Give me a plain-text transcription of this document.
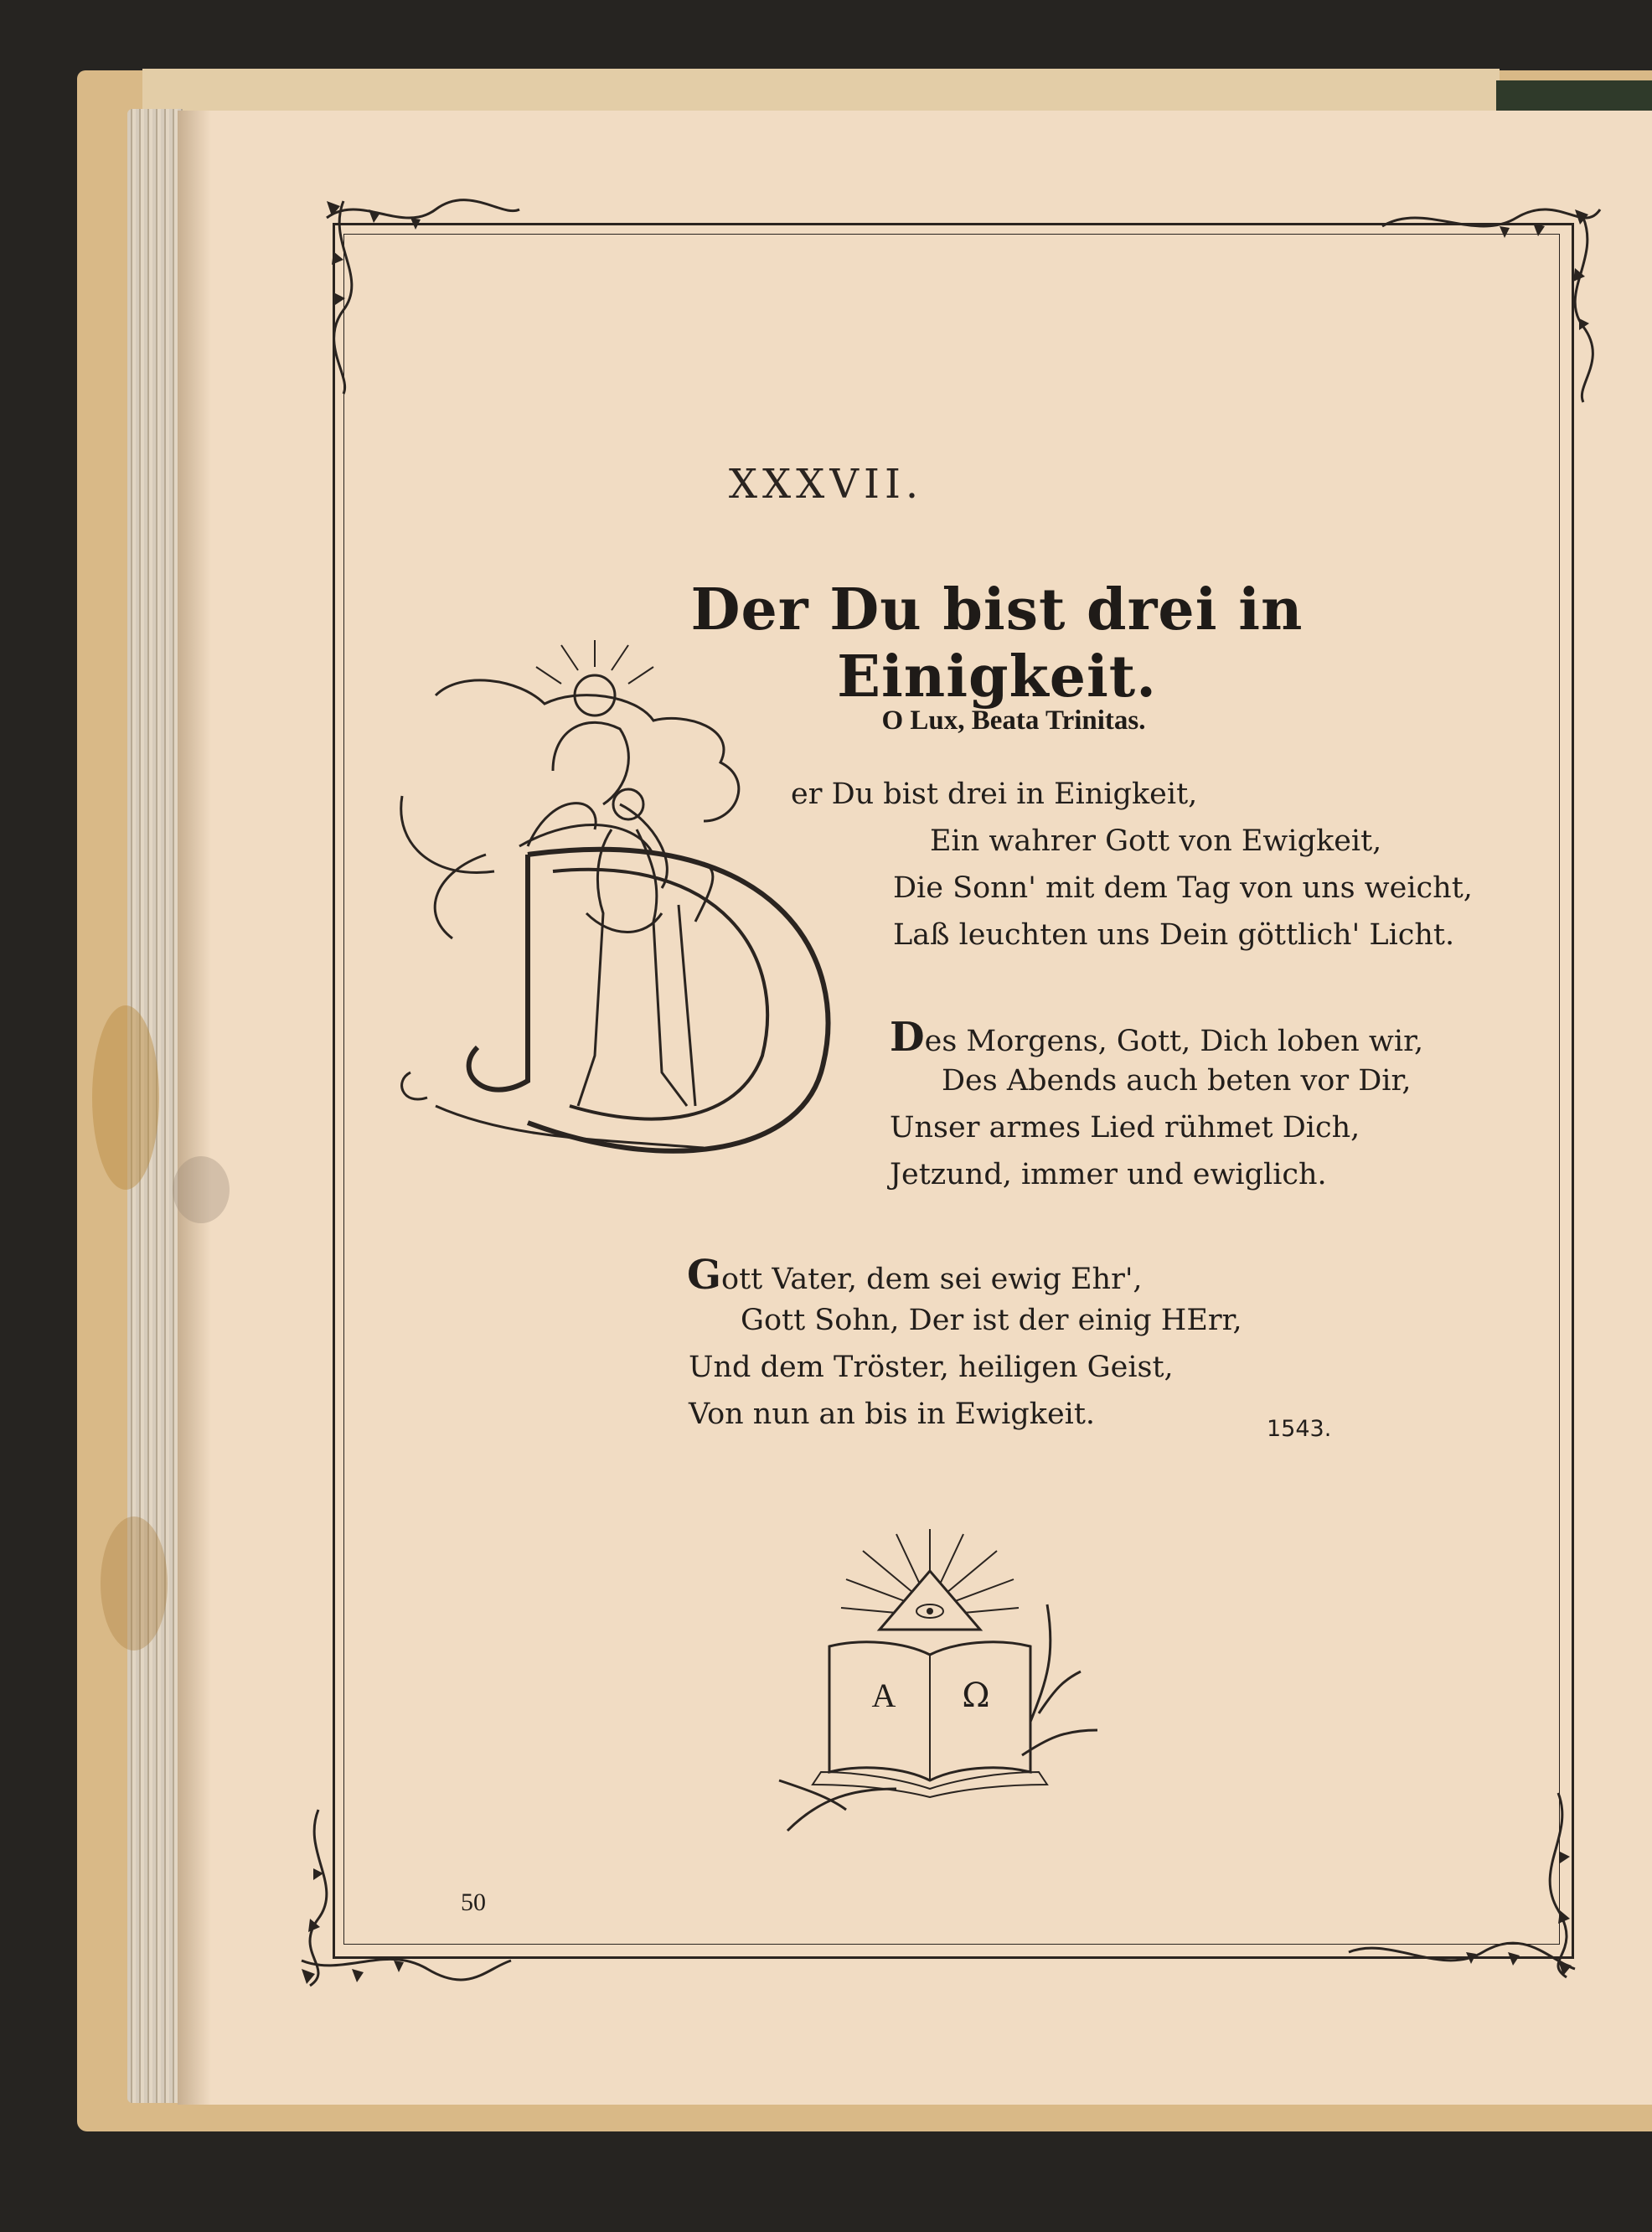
XXXVII.
Der Du bist drei in Einigkeit.
O Lux, Beata Trinitas.
er Du bist drei in Einigkeit,
Ein wahrer Gott von Ewigkeit,
Die Sonn' mit dem Tag von uns weicht,
Laß leuchten uns Dein göttlich' Licht.
Des Morgens, Gott, Dich loben wir,
Des Abends auch beten vor Dir,
Unser armes Lied rühmet Dich,
Jetzund, immer und ewiglich.
Gott Vater, dem sei ewig Ehr',
Gott Sohn, Der ist der einig HErr,
Und dem Tröster, heiligen Geist,
Von nun an bis in Ewigkeit.	1543.
A Ω
50
